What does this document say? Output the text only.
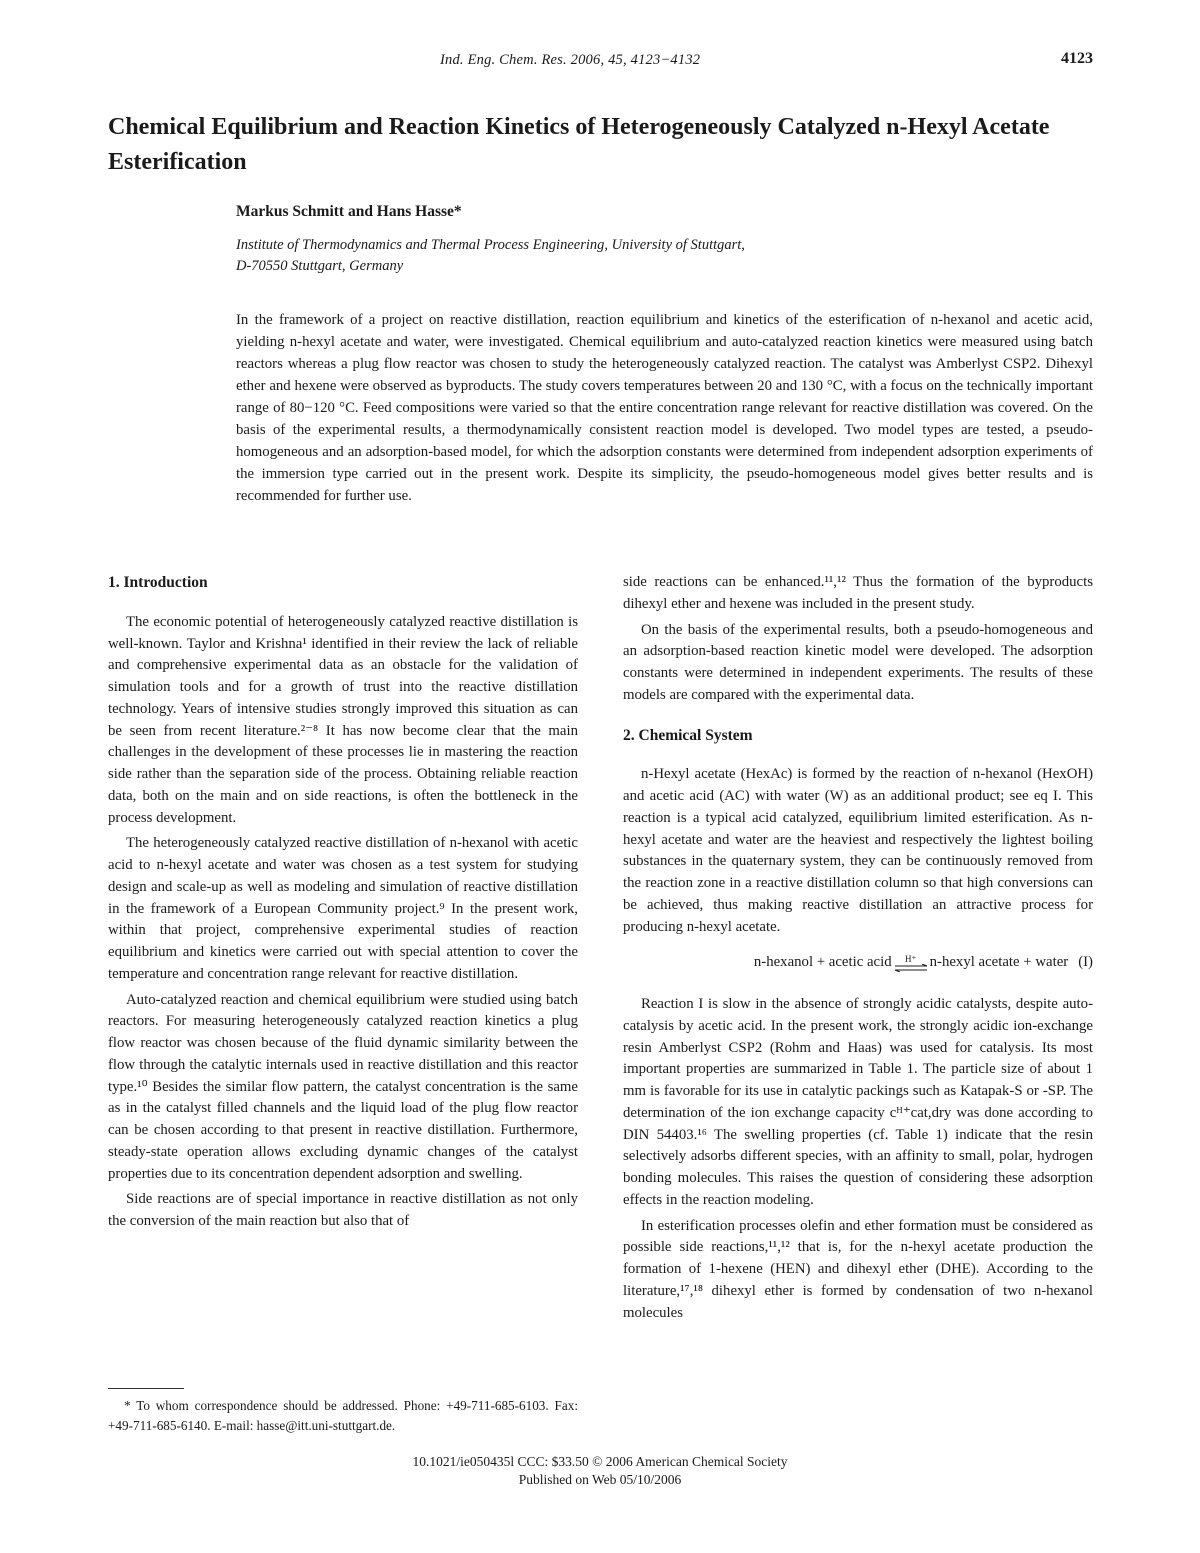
Ind. Eng. Chem. Res. 2006, 45, 4123−4132	4123
Chemical Equilibrium and Reaction Kinetics of Heterogeneously Catalyzed n-Hexyl Acetate Esterification
Markus Schmitt and Hans Hasse*
Institute of Thermodynamics and Thermal Process Engineering, University of Stuttgart,
D-70550 Stuttgart, Germany

In the framework of a project on reactive distillation, reaction equilibrium and kinetics of the esterification of n-hexanol and acetic acid, yielding n-hexyl acetate and water, were investigated. Chemical equilibrium and auto-catalyzed reaction kinetics were measured using batch reactors whereas a plug flow reactor was chosen to study the heterogeneously catalyzed reaction. The catalyst was Amberlyst CSP2. Dihexyl ether and hexene were observed as byproducts. The study covers temperatures between 20 and 130 °C, with a focus on the technically important range of 80−120 °C. Feed compositions were varied so that the entire concentration range relevant for reactive distillation was covered. On the basis of the experimental results, a thermodynamically consistent reaction model is developed. Two model types are tested, a pseudo-homogeneous and an adsorption-based model, for which the adsorption constants were determined from independent adsorption experiments of the immersion type carried out in the present work. Despite its simplicity, the pseudo-homogeneous model gives better results and is recommended for further use.

1. Introduction

The economic potential of heterogeneously catalyzed reactive distillation is well-known. Taylor and Krishna¹ identified in their review the lack of reliable and comprehensive experimental data as an obstacle for the validation of simulation tools and for a growth of trust into the reactive distillation technology. Years of intensive studies strongly improved this situation as can be seen from recent literature.²⁻⁸ It has now become clear that the main challenges in the development of these processes lie in mastering the reaction side rather than the separation side of the process. Obtaining reliable reaction data, both on the main and on side reactions, is often the bottleneck in the process development.

The heterogeneously catalyzed reactive distillation of n-hexanol with acetic acid to n-hexyl acetate and water was chosen as a test system for studying design and scale-up as well as modeling and simulation of reactive distillation in the framework of a European Community project.⁹ In the present work, within that project, comprehensive experimental studies of reaction equilibrium and kinetics were carried out with special attention to cover the temperature and concentration range relevant for reactive distillation.

Auto-catalyzed reaction and chemical equilibrium were studied using batch reactors. For measuring heterogeneously catalyzed reaction kinetics a plug flow reactor was chosen because of the fluid dynamic similarity between the flow through the catalytic internals used in reactive distillation and this reactor type.¹⁰ Besides the similar flow pattern, the catalyst concentration is the same as in the catalyst filled channels and the liquid load of the plug flow reactor can be chosen according to that present in reactive distillation. Furthermore, steady-state operation allows excluding dynamic changes of the catalyst properties due to its concentration dependent adsorption and swelling.

Side reactions are of special importance in reactive distillation as not only the conversion of the main reaction but also that of

side reactions can be enhanced.¹¹,¹² Thus the formation of the byproducts dihexyl ether and hexene was included in the present study.

On the basis of the experimental results, both a pseudo-homogeneous and an adsorption-based reaction kinetic model were developed. The adsorption constants were determined in independent experiments. The results of these models are compared with the experimental data.

2. Chemical System

n-Hexyl acetate (HexAc) is formed by the reaction of n-hexanol (HexOH) and acetic acid (AC) with water (W) as an additional product; see eq I. This reaction is a typical acid catalyzed, equilibrium limited esterification. As n-hexyl acetate and water are the heaviest and respectively the lightest boiling substances in the quaternary system, they can be continuously removed from the reaction zone in a reactive distillation column so that high conversions can be achieved, thus making reactive distillation an attractive process for producing n-hexyl acetate.

n-hexanol + acetic acid H⁺ n-hexyl acetate + water (I)

Reaction I is slow in the absence of strongly acidic catalysts, despite auto-catalysis by acetic acid. In the present work, the strongly acidic ion-exchange resin Amberlyst CSP2 (Rohm and Haas) was used for catalysis. Its most important properties are summarized in Table 1. The particle size of about 1 mm is favorable for its use in catalytic packings such as Katapak-S or -SP. The determination of the ion exchange capacity cᴴ⁺cat,dry was done according to DIN 54403.¹⁶ The swelling properties (cf. Table 1) indicate that the resin selectively adsorbs different species, with an affinity to small, polar, hydrogen bonding molecules. This raises the question of considering these adsorption effects in the reaction modeling.

In esterification processes olefin and ether formation must be considered as possible side reactions,¹¹,¹² that is, for the n-hexyl acetate production the formation of 1-hexene (HEN) and dihexyl ether (DHE). According to the literature,¹⁷,¹⁸ dihexyl ether is formed by condensation of two n-hexanol molecules

* To whom correspondence should be addressed. Phone: +49-711-685-6103. Fax: +49-711-685-6140. E-mail: hasse@itt.uni-stuttgart.de.

10.1021/ie050435l CCC: $33.50 © 2006 American Chemical Society
Published on Web 05/10/2006
